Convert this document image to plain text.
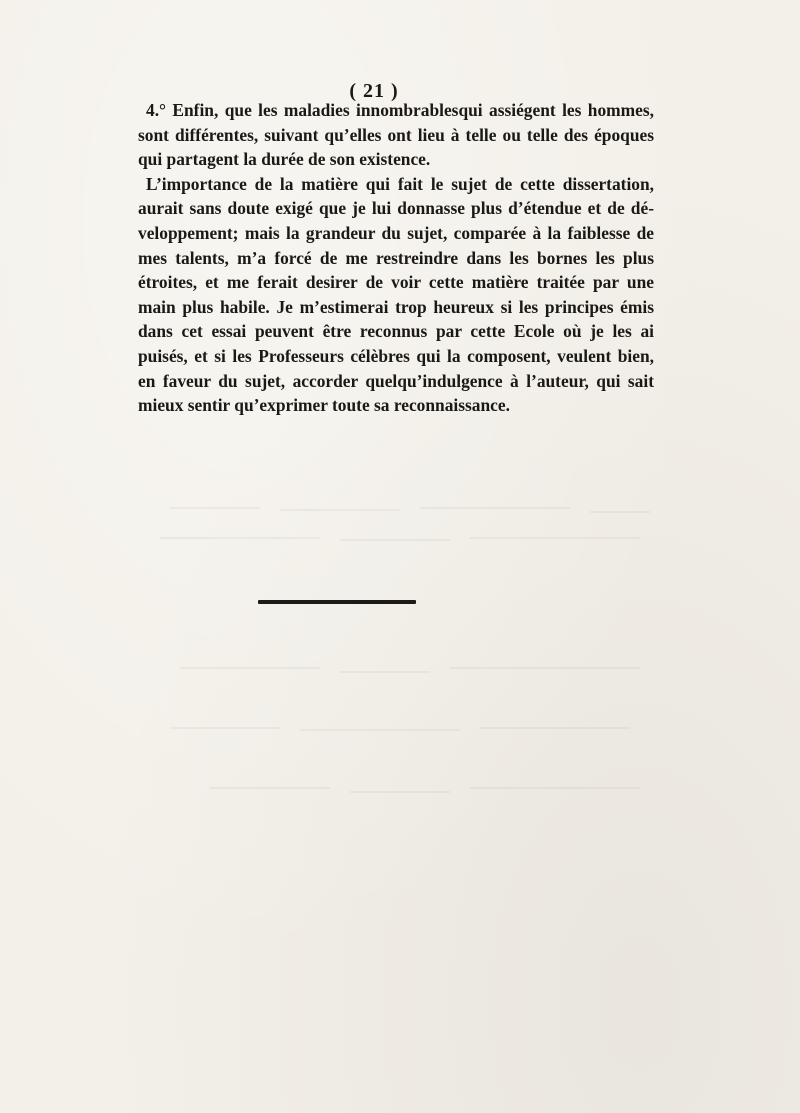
( 21 )
4.° Enfin, que les maladies innombrablesqui assiégent les hommes,
sont différentes, suivant qu’elles ont lieu à telle ou telle des époques
qui partagent la durée de son existence.
L’importance de la matière qui fait le sujet de cette dissertation,
aurait sans doute exigé que je lui donnasse plus d’étendue et de dé-
veloppement; mais la grandeur du sujet, comparée à la faiblesse de
mes talents, m’a forcé de me restreindre dans les bornes les plus
étroites, et me ferait desirer de voir cette matière traitée par une
main plus habile. Je m’estimerai trop heureux si les principes émis
dans cet essai peuvent être reconnus par cette Ecole où je les ai
puisés, et si les Professeurs célèbres qui la composent, veulent bien,
en faveur du sujet, accorder quelqu’indulgence à l’auteur, qui sait
mieux sentir qu’exprimer toute sa reconnaissance.
